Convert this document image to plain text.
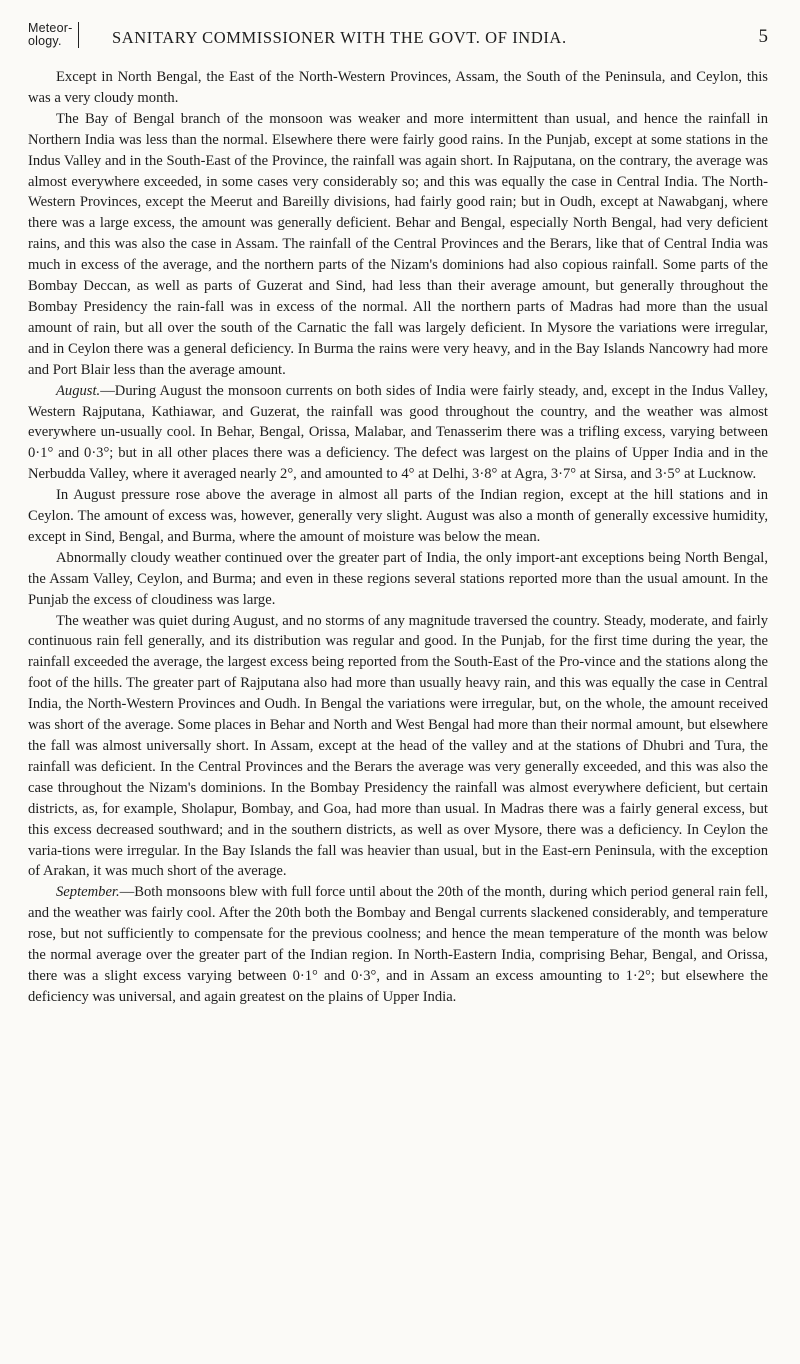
Meteor-
ology.	SANITARY COMMISSIONER WITH THE GOVT. OF INDIA.	5

Except in North Bengal, the East of the North-Western Provinces, Assam, the South of the Peninsula, and Ceylon, this was a very cloudy month.

The Bay of Bengal branch of the monsoon was weaker and more intermittent than usual, and hence the rainfall in Northern India was less than the normal. Elsewhere there were fairly good rains. In the Punjab, except at some stations in the Indus Valley and in the South-East of the Province, the rainfall was again short. In Rajputana, on the contrary, the average was almost everywhere exceeded, in some cases very considerably so; and this was equally the case in Central India. The North-Western Provinces, except the Meerut and Bareilly divisions, had fairly good rain; but in Oudh, except at Nawabganj, where there was a large excess, the amount was generally deficient. Behar and Bengal, especially North Bengal, had very deficient rains, and this was also the case in Assam. The rainfall of the Central Provinces and the Berars, like that of Central India was much in excess of the average, and the northern parts of the Nizam's dominions had also copious rainfall. Some parts of the Bombay Deccan, as well as parts of Guzerat and Sind, had less than their average amount, but generally throughout the Bombay Presidency the rain-fall was in excess of the normal. All the northern parts of Madras had more than the usual amount of rain, but all over the south of the Carnatic the fall was largely deficient. In Mysore the variations were irregular, and in Ceylon there was a general deficiency. In Burma the rains were very heavy, and in the Bay Islands Nancowry had more and Port Blair less than the average amount.

August.—During August the monsoon currents on both sides of India were fairly steady, and, except in the Indus Valley, Western Rajputana, Kathiawar, and Guzerat, the rainfall was good throughout the country, and the weather was almost everywhere un-usually cool. In Behar, Bengal, Orissa, Malabar, and Tenasserim there was a trifling excess, varying between 0·1° and 0·3°; but in all other places there was a deficiency. The defect was largest on the plains of Upper India and in the Nerbudda Valley, where it averaged nearly 2°, and amounted to 4° at Delhi, 3·8° at Agra, 3·7° at Sirsa, and 3·5° at Lucknow.

In August pressure rose above the average in almost all parts of the Indian region, except at the hill stations and in Ceylon. The amount of excess was, however, generally very slight. August was also a month of generally excessive humidity, except in Sind, Bengal, and Burma, where the amount of moisture was below the mean.

Abnormally cloudy weather continued over the greater part of India, the only import-ant exceptions being North Bengal, the Assam Valley, Ceylon, and Burma; and even in these regions several stations reported more than the usual amount. In the Punjab the excess of cloudiness was large.

The weather was quiet during August, and no storms of any magnitude traversed the country. Steady, moderate, and fairly continuous rain fell generally, and its distribution was regular and good. In the Punjab, for the first time during the year, the rainfall exceeded the average, the largest excess being reported from the South-East of the Pro-vince and the stations along the foot of the hills. The greater part of Rajputana also had more than usually heavy rain, and this was equally the case in Central India, the North-Western Provinces and Oudh. In Bengal the variations were irregular, but, on the whole, the amount received was short of the average. Some places in Behar and North and West Bengal had more than their normal amount, but elsewhere the fall was almost universally short. In Assam, except at the head of the valley and at the stations of Dhubri and Tura, the rainfall was deficient. In the Central Provinces and the Berars the average was very generally exceeded, and this was also the case throughout the Nizam's dominions. In the Bombay Presidency the rainfall was almost everywhere deficient, but certain districts, as, for example, Sholapur, Bombay, and Goa, had more than usual. In Madras there was a fairly general excess, but this excess decreased southward; and in the southern districts, as well as over Mysore, there was a deficiency. In Ceylon the varia-tions were irregular. In the Bay Islands the fall was heavier than usual, but in the East-ern Peninsula, with the exception of Arakan, it was much short of the average.

September.—Both monsoons blew with full force until about the 20th of the month, during which period general rain fell, and the weather was fairly cool. After the 20th both the Bombay and Bengal currents slackened considerably, and temperature rose, but not sufficiently to compensate for the previous coolness; and hence the mean temperature of the month was below the normal average over the greater part of the Indian region. In North-Eastern India, comprising Behar, Bengal, and Orissa, there was a slight excess varying between 0·1° and 0·3°, and in Assam an excess amounting to 1·2°; but elsewhere the deficiency was universal, and again greatest on the plains of Upper India.
